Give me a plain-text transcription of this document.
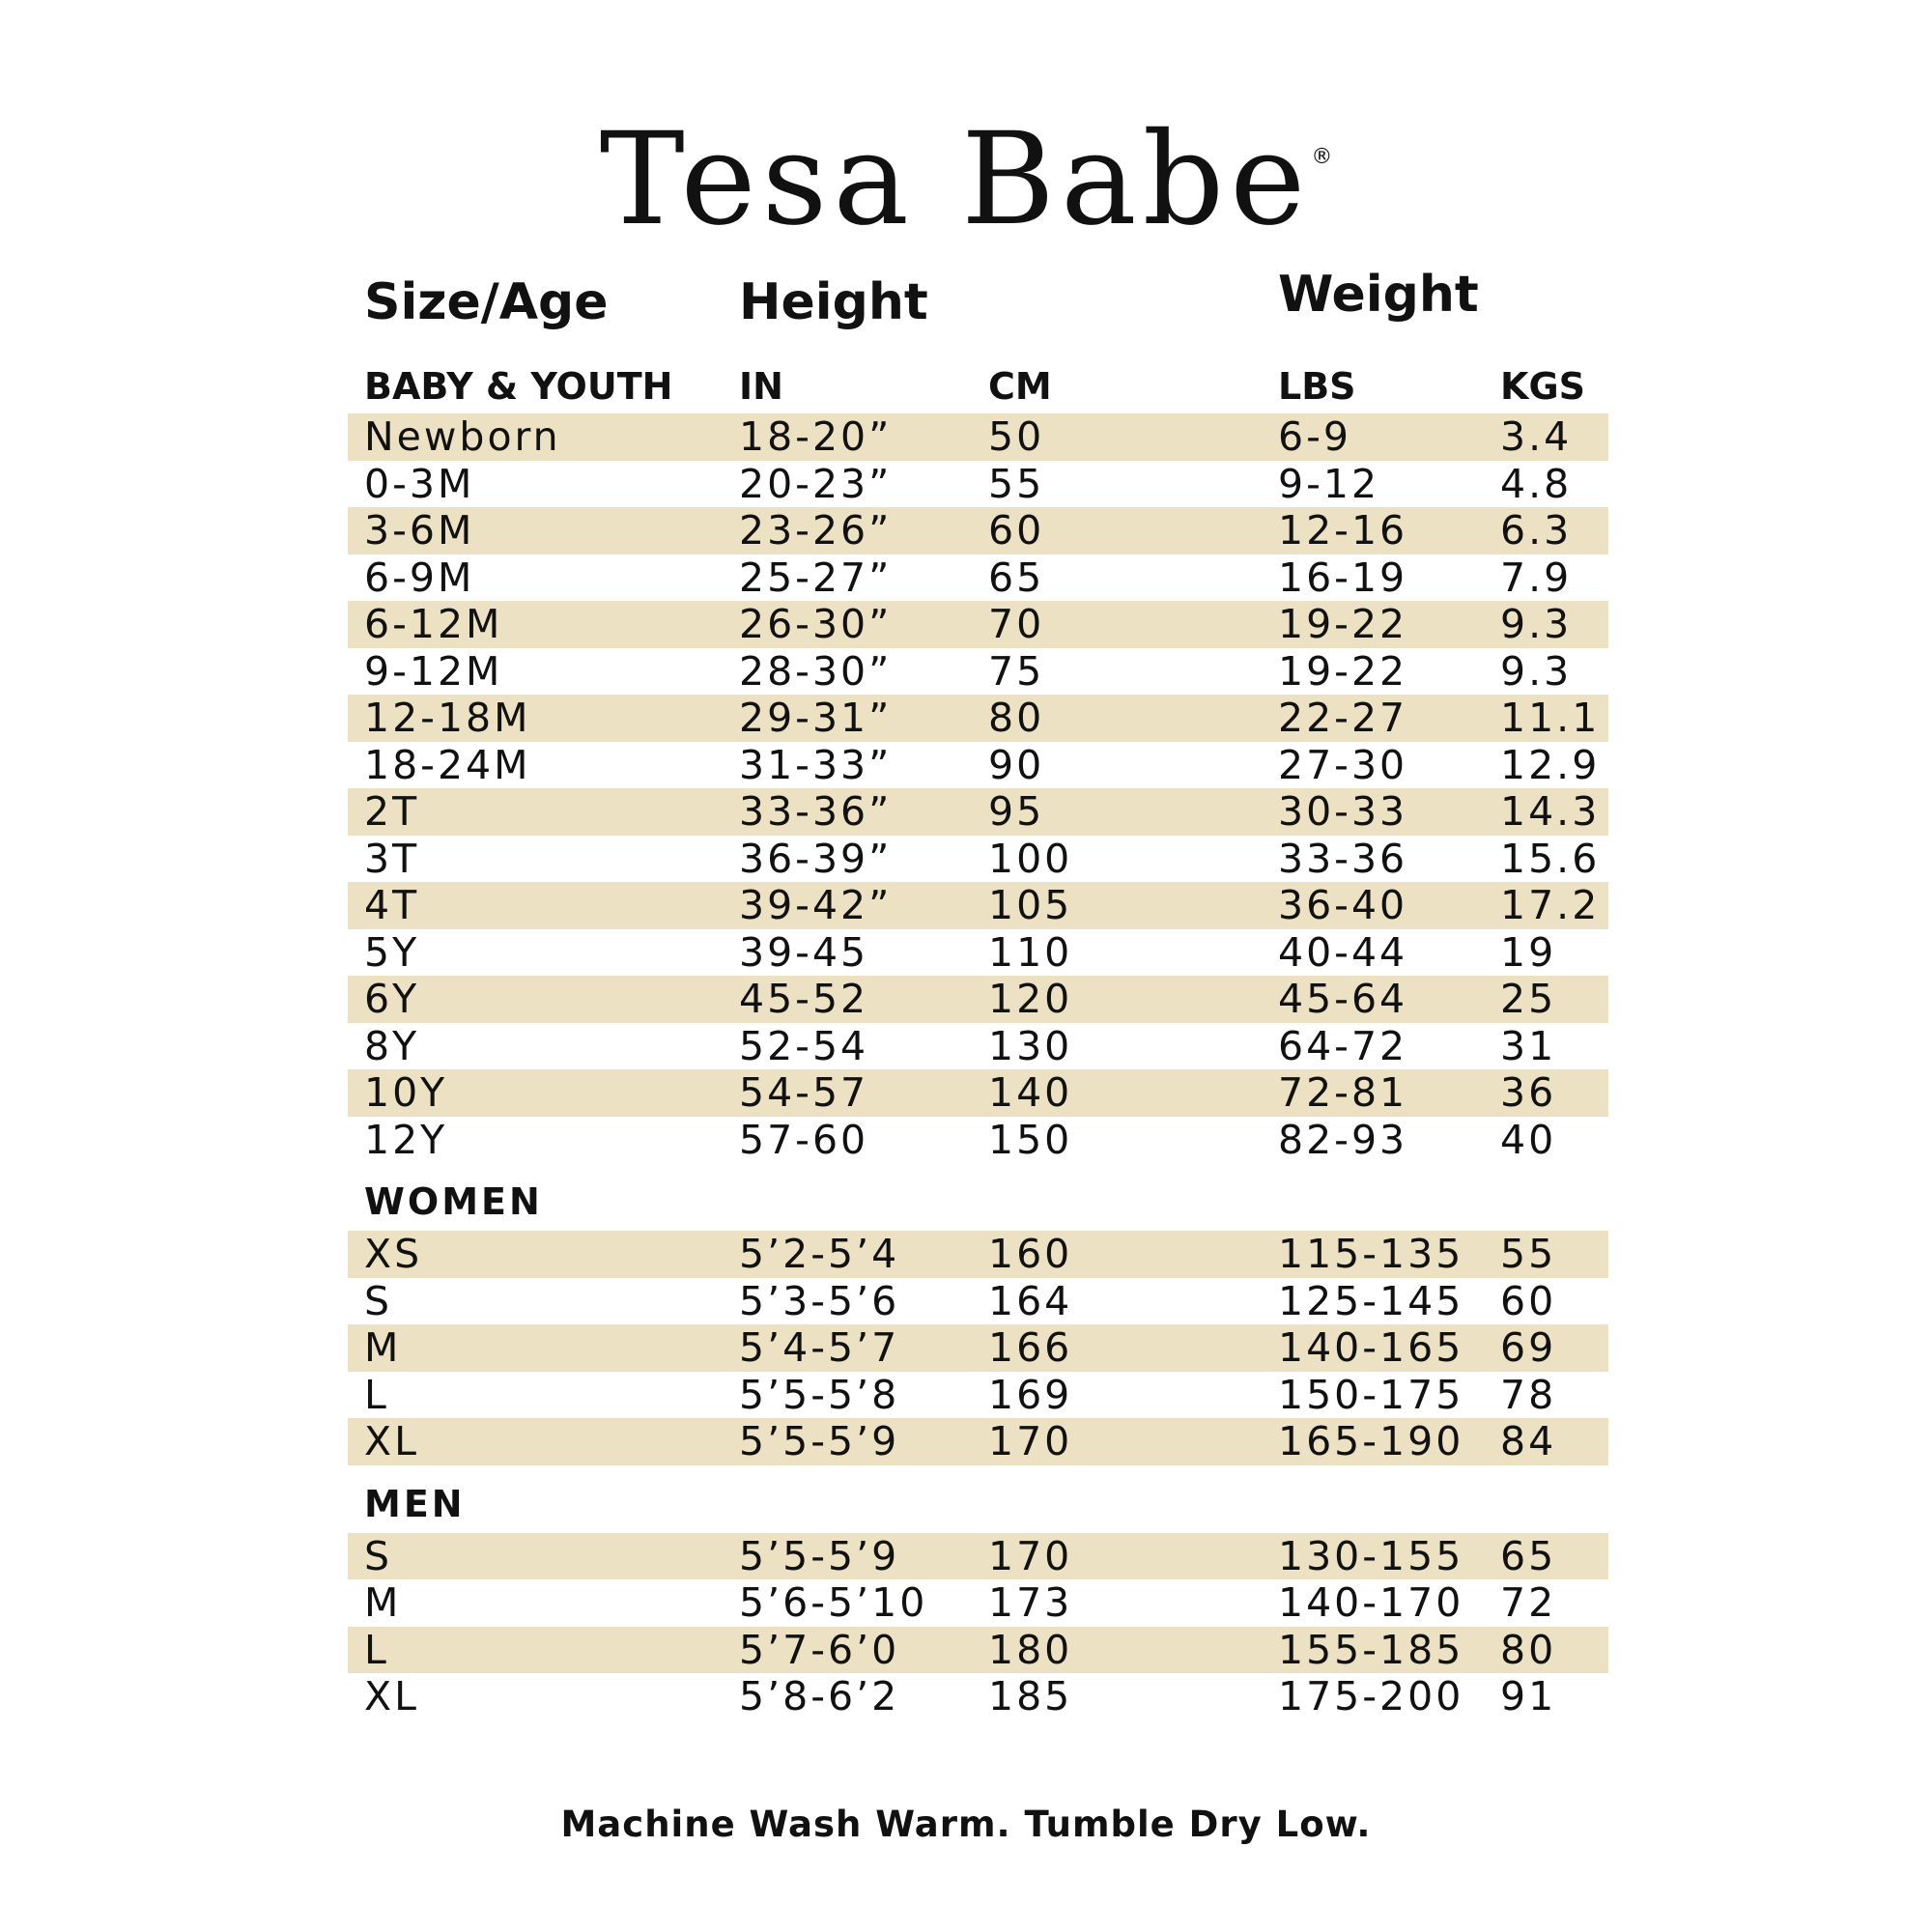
Tesa Babe®
Size/Age	Height	Weight
BABY & YOUTH IN	CM	LBS	KGS
Newborn	18-20” 50	6-9	3.4
0-3M	20-23” 55	9-12	4.8
3-6M	23-26” 60	12-16 6.3
6-9M	25-27” 65	16-19 7.9
6-12M	26-30” 70	19-22 9.3
9-12M	28-30” 75	19-22 9.3
12-18M	29-31” 80	22-27 11.1
18-24M	31-33” 90	27-30 12.9
2T	33-36” 95	30-33 14.3
3T	36-39” 100	33-36 15.6
4T	39-42” 105	36-40 17.2
5Y	39-45	110	40-44 19
6Y	45-52	120	45-64 25
8Y	52-54	130	64-72 31
10Y	54-57	140	72-81 36
12Y	57-60	150	82-93 40
WOMEN
XS	5’2-5’4 160	115-135 55
S	5’3-5’6 164	125-145 60
M	5’4-5’7 166	140-165 69
L	5’5-5’8 169	150-175 78
XL	5’5-5’9 170	165-190 84
MEN
S	5’5-5’9 170	130-155 65
M	5’6-5’10 173	140-170 72
L	5’7-6’0 180	155-185 80
XL	5’8-6’2 185	175-200 91
Machine Wash Warm. Tumble Dry Low.
